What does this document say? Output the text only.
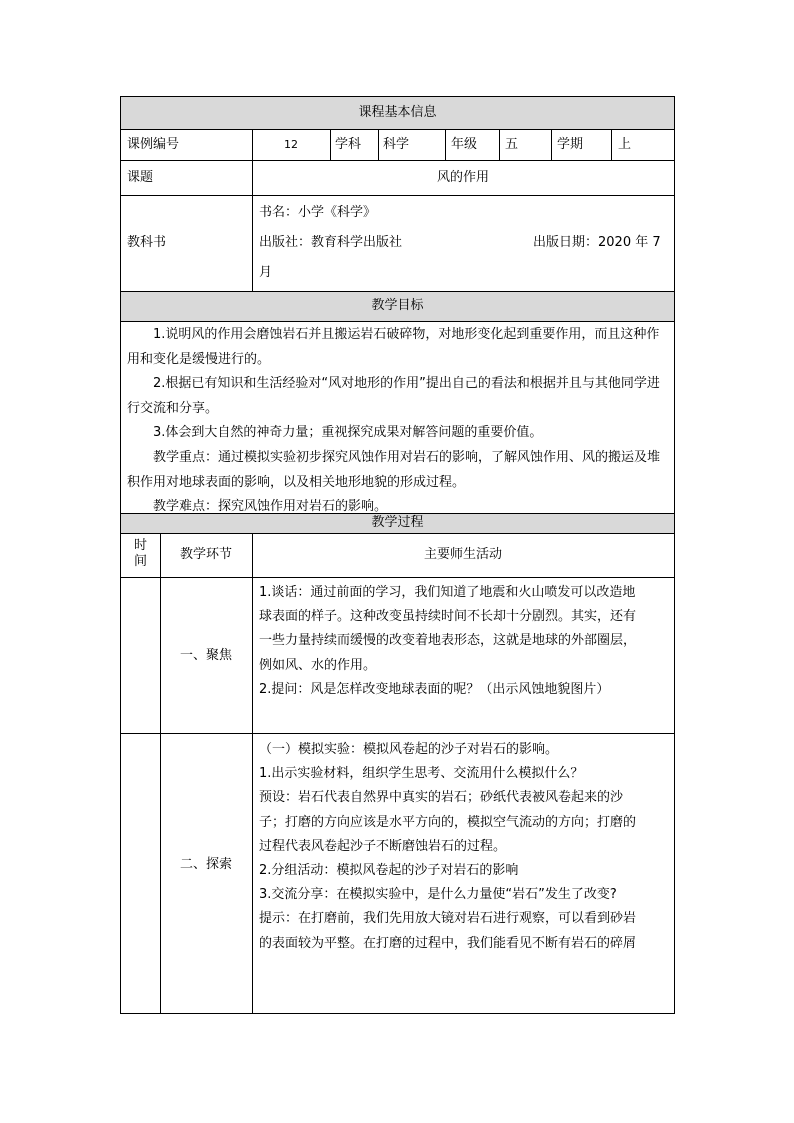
课程基本信息
课例编号	12	学科 科学	年级 五	学期	上
课题	风的作用
教科书
书名：小学《科学》
出版社：教育科学出版社	出版日期：2020 年 7
月
教学目标

1.说明风的作用会磨蚀岩石并且搬运岩石破碎物，对地形变化起到重要作用，而且这种作用和变化是缓慢进行的。

2.根据已有知识和生活经验对“风对地形的作用”提出自己的看法和根据并且与其他同学进行交流和分享。

3.体会到大自然的神奇力量；重视探究成果对解答问题的重要价值。

教学重点：通过模拟实验初步探究风蚀作用对岩石的影响，了解风蚀作用、风的搬运及堆积作用对地球表面的影响，以及相关地形地貌的形成过程。

教学难点：探究风蚀作用对岩石的影响。

教学过程
时
间	教学环节	主要师生活动
一、聚焦

1.谈话：通过前面的学习，我们知道了地震和火山喷发可以改造地

球表面的样子。这种改变虽持续时间不长却十分剧烈。其实，还有

一些力量持续而缓慢的改变着地表形态，这就是地球的外部圈层，

例如风、水的作用。

2.提问：风是怎样改变地球表面的呢？（出示风蚀地貌图片）

二、探索

（一）模拟实验：模拟风卷起的沙子对岩石的影响。

1.出示实验材料，组织学生思考、交流用什么模拟什么？

预设：岩石代表自然界中真实的岩石；砂纸代表被风卷起来的沙

子；打磨的方向应该是水平方向的，模拟空气流动的方向；打磨的

过程代表风卷起沙子不断磨蚀岩石的过程。

2.分组活动：模拟风卷起的沙子对岩石的影响

3.交流分享：在模拟实验中，是什么力量使“岩石”发生了改变?

提示：在打磨前，我们先用放大镜对岩石进行观察，可以看到砂岩

的表面较为平整。在打磨的过程中，我们能看见不断有岩石的碎屑
